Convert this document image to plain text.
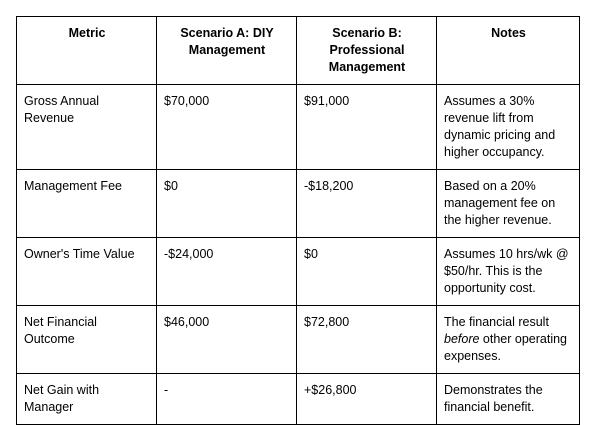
Metric	Scenario A: DIY Management	Scenario B: Professional Management	Notes
Gross Annual Revenue	$70,000	$91,000	Assumes a 30% revenue lift from dynamic pricing and higher occupancy.
Management Fee	$0	-$18,200	Based on a 20% management fee on the higher revenue.
Owner's Time Value	-$24,000	$0	Assumes 10 hrs/wk @ $50/hr. This is the opportunity cost.
Net Financial Outcome	$46,000	$72,800	The financial result before other operating expenses.
Net Gain with Manager	-	+$26,800	Demonstrates the financial benefit.
